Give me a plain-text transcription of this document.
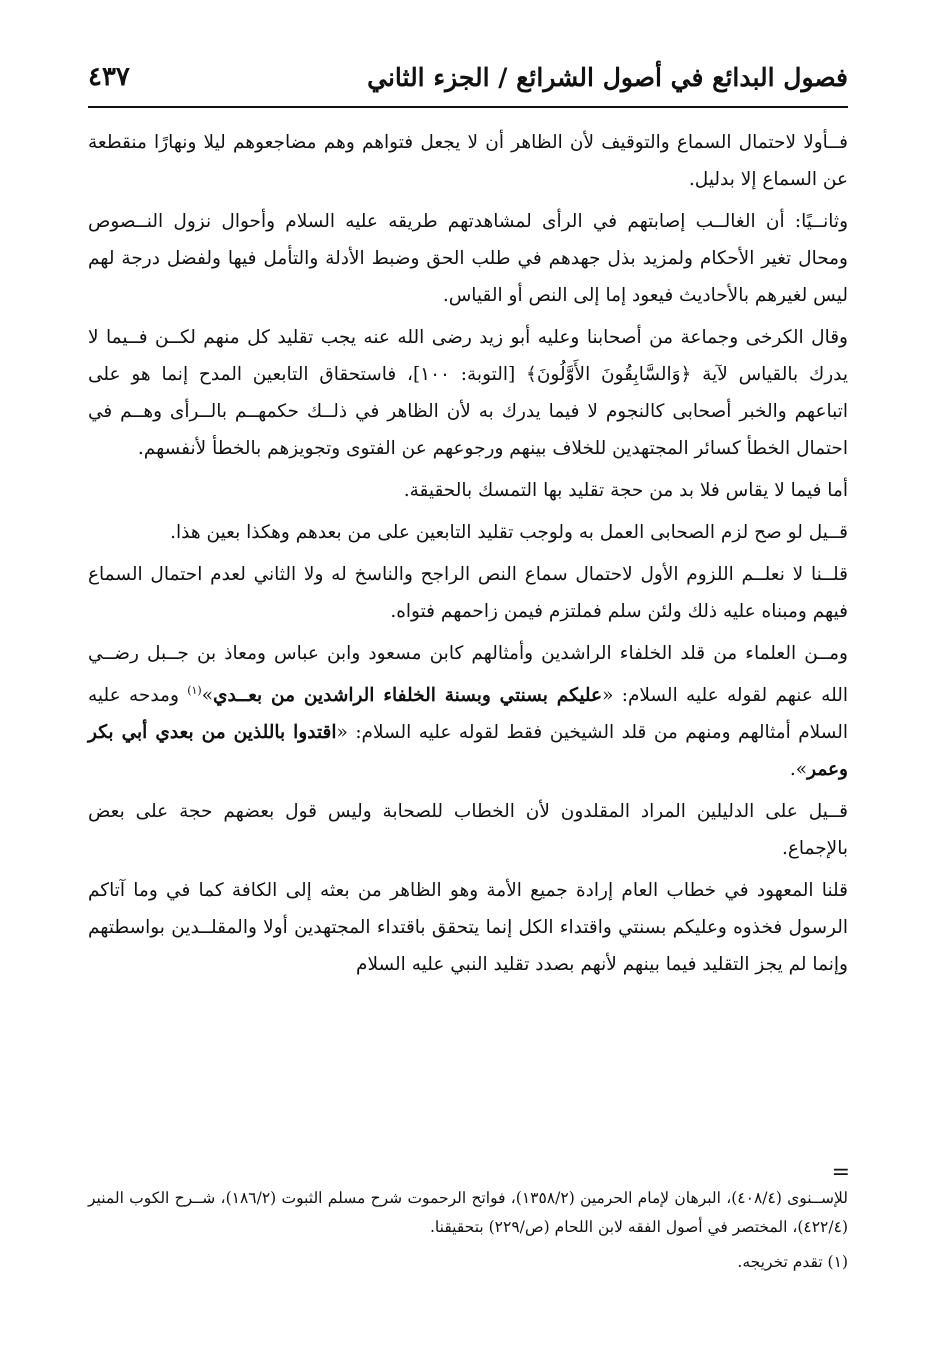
فصول البدائع في أصول الشرائع / الجزء الثاني
٤٣٧

فــأولا لاحتمال السماع والتوقيف لأن الظاهر أن لا يجعل فتواهم وهم مضاجعوهم ليلا ونهارًا منقطعة عن السماع إلا بدليل.

وثانــيًا: أن الغالــب إصابتهم في الرأى لمشاهدتهم طريقه عليه السلام وأحوال نزول النــصوص ومحال تغير الأحكام ولمزيد بذل جهدهم في طلب الحق وضبط الأدلة والتأمل فيها ولفضل درجة لهم ليس لغيرهم بالأحاديث فيعود إما إلى النص أو القياس.

وقال الكرخى وجماعة من أصحابنا وعليه أبو زيد رضى الله عنه يجب تقليد كل منهم لكــن فــيما لا يدرك بالقياس لآية ﴿وَالسَّابِقُونَ الأَوَّلُونَ﴾ [التوبة: ١٠٠]، فاستحقاق التابعين المدح إنما هو على اتباعهم والخبر أصحابى كالنجوم لا فيما يدرك به لأن الظاهر في ذلــك حكمهــم بالــرأى وهــم في احتمال الخطأ كسائر المجتهدين للخلاف بينهم ورجوعهم عن الفتوى وتجويزهم بالخطأ لأنفسهم.

أما فيما لا يقاس فلا بد من حجة تقليد بها التمسك بالحقيقة.

قــيل لو صح لزم الصحابى العمل به ولوجب تقليد التابعين على من بعدهم وهكذا بعين هذا.

قلــنا لا نعلــم اللزوم الأول لاحتمال سماع النص الراجح والناسخ له ولا الثاني لعدم احتمال السماع فيهم ومبناه عليه ذلك ولئن سلم فملتزم فيمن زاحمهم فتواه.

ومــن العلماء من قلد الخلفاء الراشدين وأمثالهم كابن مسعود وابن عباس ومعاذ بن جــبل رضــي الله عنهم لقوله عليه السلام: «عليكم بسنتي وبسنة الخلفاء الراشدين من بعــدي»$^{(١)}$ ومدحه عليه السلام أمثالهم ومنهم من قلد الشيخين فقط لقوله عليه السلام: «اقتدوا باللذين من بعدي أبي بكر وعمر».

قــيل على الدليلين المراد المقلدون لأن الخطاب للصحابة وليس قول بعضهم حجة على بعض بالإجماع.

قلنا المعهود في خطاب العام إرادة جميع الأمة وهو الظاهر من بعثه إلى الكافة كما في وما آتاكم الرسول فخذوه وعليكم بسنتي واقتداء الكل إنما يتحقق باقتداء المجتهدين أولا والمقلــدين بواسطتهم وإنما لم يجز التقليد فيما بينهم لأنهم بصدد تقليد النبي عليه السلام

=

للإســنوى (٤٠٨/٤)، البرهان لإمام الحرمين (١٣٥٨/٢)، فواتح الرحموت شرح مسلم الثبوت (١٨٦/٢)، شــرح الكوب المنير (٤٢٢/٤)، المختصر في أصول الفقه لابن اللحام (ص/٢٢٩) بتحقيقنا.

(١) تقدم تخريجه.
